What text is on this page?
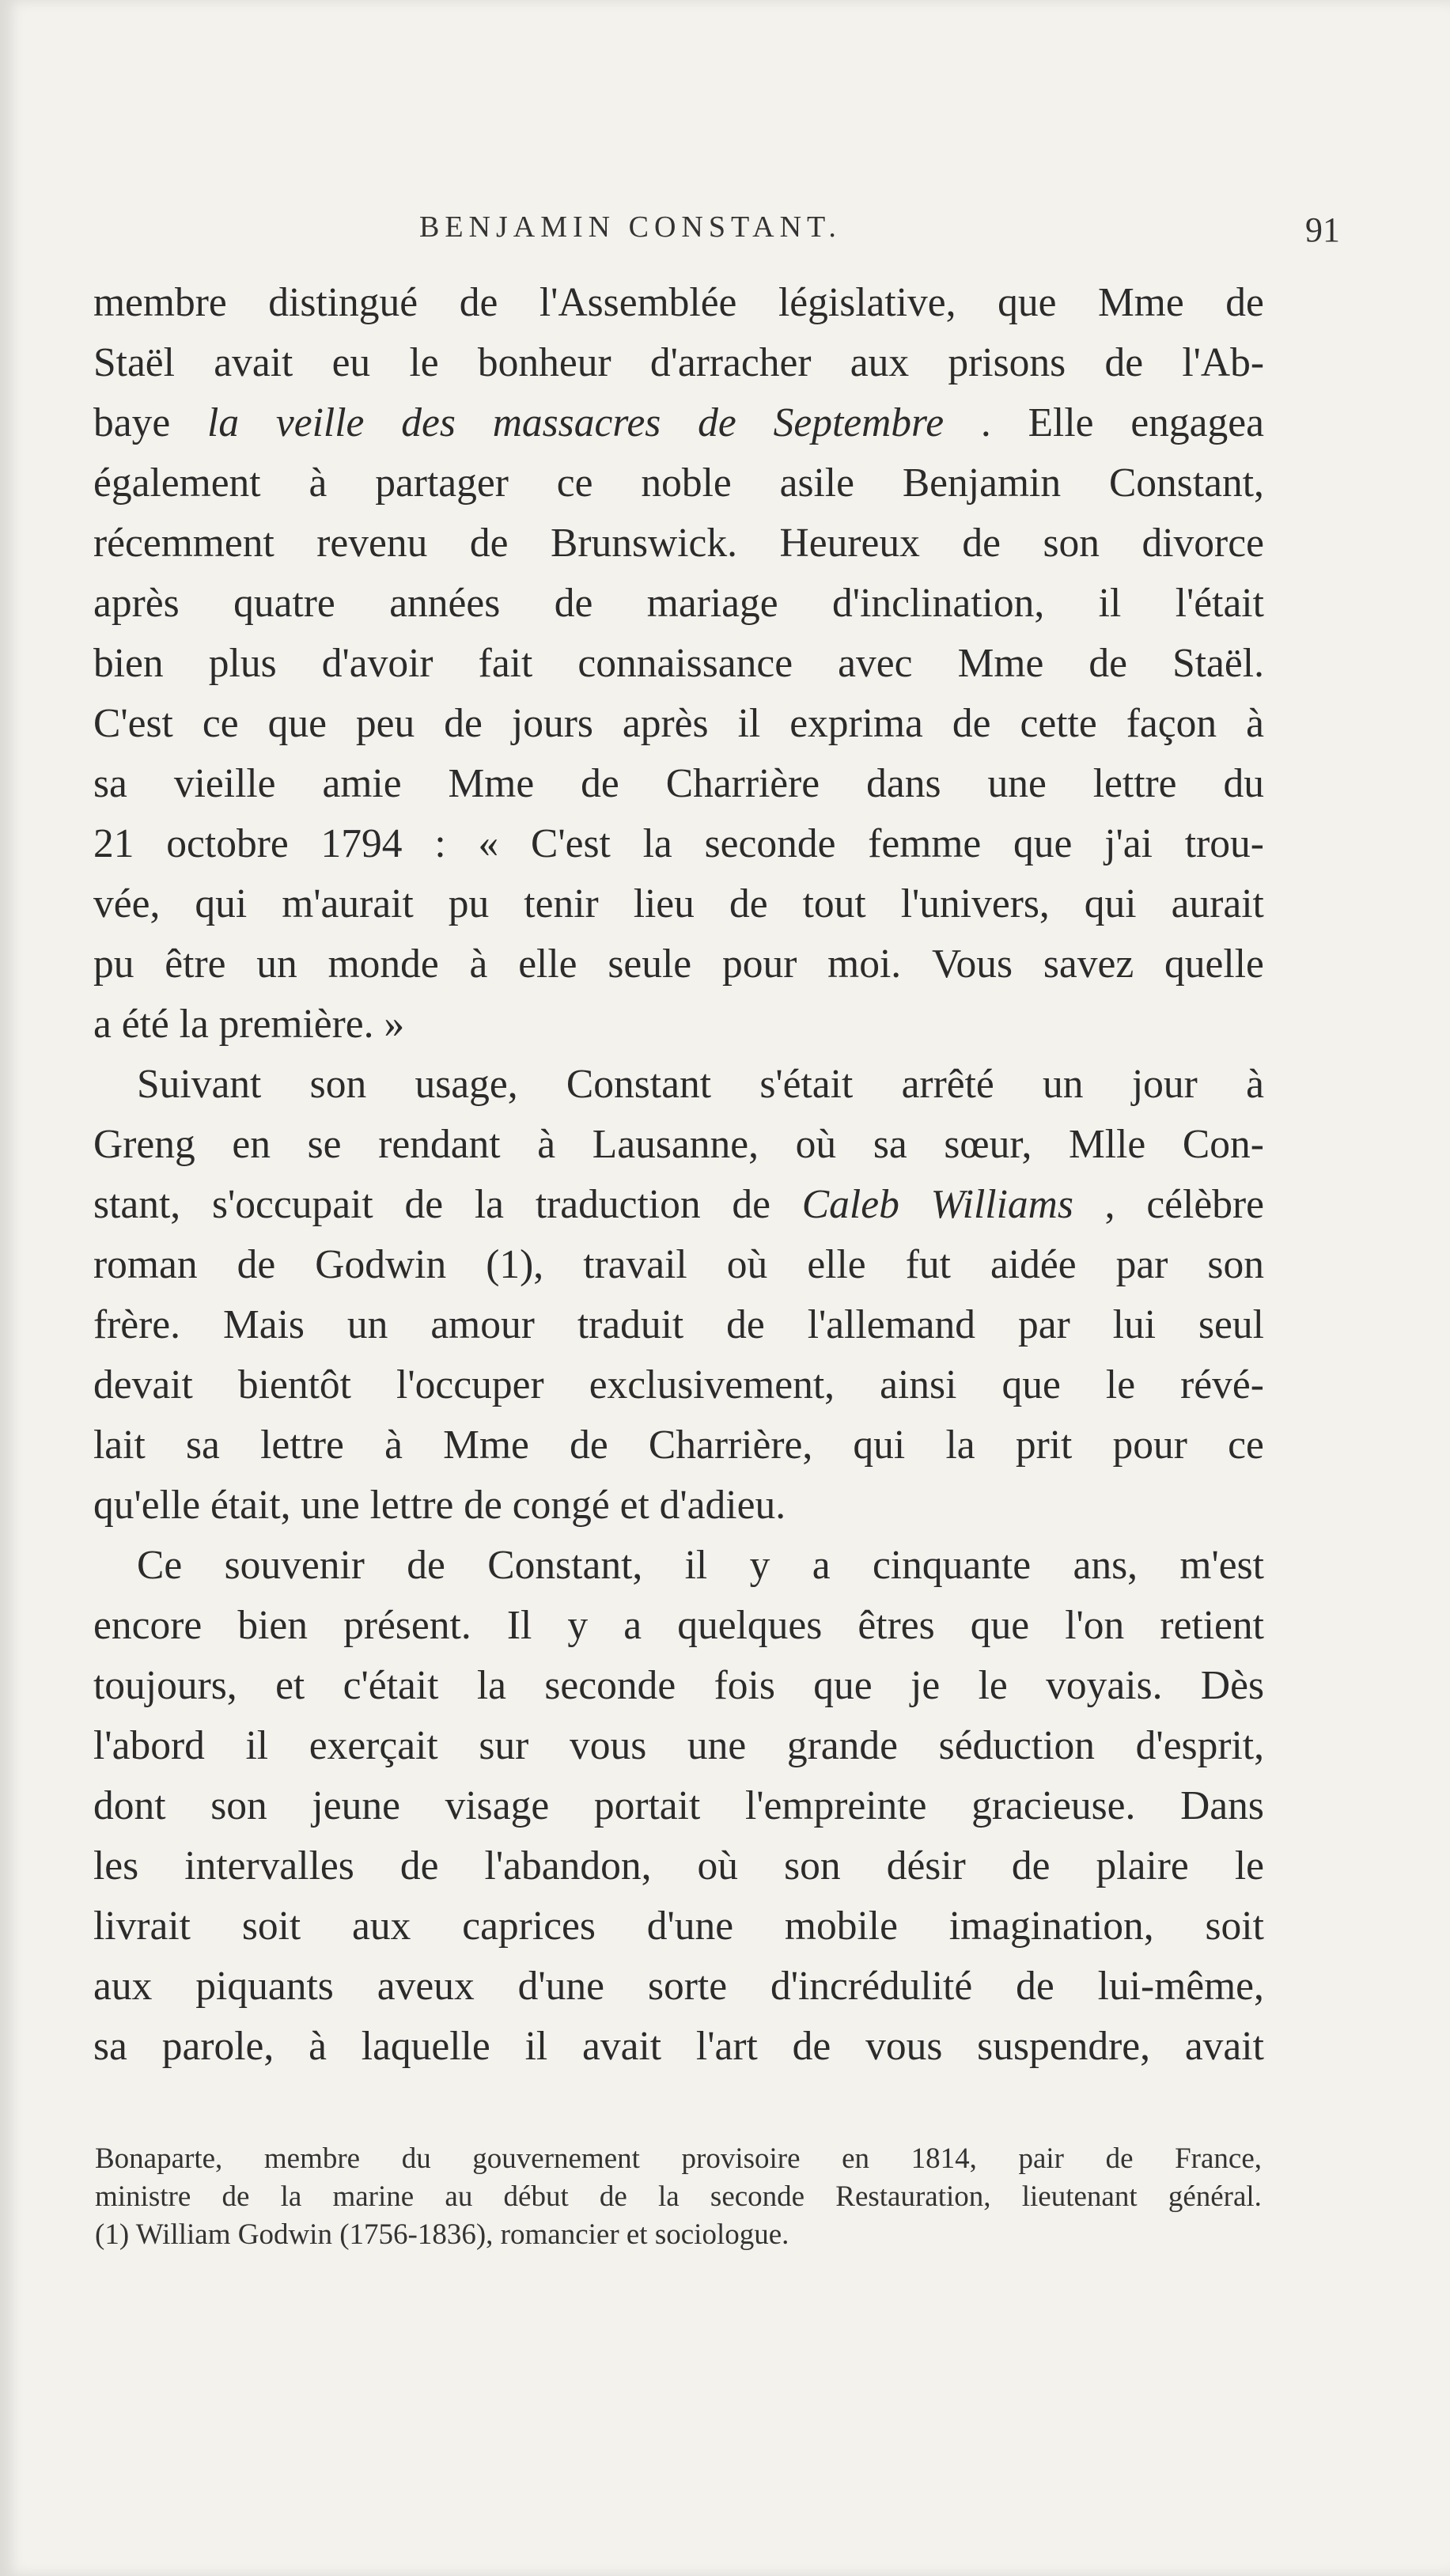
BENJAMIN CONSTANT.	91
membre distingué de l'Assemblée législative, que Mme de
Staël avait eu le bonheur d'arracher aux prisons de l'Ab-
baye la veille des massacres de Septembre . Elle engagea
également à partager ce noble asile Benjamin Constant,
récemment revenu de Brunswick. Heureux de son divorce
après quatre années de mariage d'inclination, il l'était
bien plus d'avoir fait connaissance avec Mme de Staël.
C'est ce que peu de jours après il exprima de cette façon à
sa vieille amie Mme de Charrière dans une lettre du
21 octobre 1794 : « C'est la seconde femme que j'ai trou-
vée, qui m'aurait pu tenir lieu de tout l'univers, qui aurait
pu être un monde à elle seule pour moi. Vous savez quelle
a été la première. »
Suivant son usage, Constant s'était arrêté un jour à
Greng en se rendant à Lausanne, où sa sœur, Mlle Con-
stant, s'occupait de la traduction de Caleb Williams , célèbre
roman de Godwin (1), travail où elle fut aidée par son
frère. Mais un amour traduit de l'allemand par lui seul
devait bientôt l'occuper exclusivement, ainsi que le révé-
lait sa lettre à Mme de Charrière, qui la prit pour ce
qu'elle était, une lettre de congé et d'adieu.
Ce souvenir de Constant, il y a cinquante ans, m'est
encore bien présent. Il y a quelques êtres que l'on retient
toujours, et c'était la seconde fois que je le voyais. Dès
l'abord il exerçait sur vous une grande séduction d'esprit,
dont son jeune visage portait l'empreinte gracieuse. Dans
les intervalles de l'abandon, où son désir de plaire le
livrait soit aux caprices d'une mobile imagination, soit
aux piquants aveux d'une sorte d'incrédulité de lui-même,
sa parole, à laquelle il avait l'art de vous suspendre, avait
Bonaparte, membre du gouvernement provisoire en 1814, pair de France,
ministre de la marine au début de la seconde Restauration, lieutenant général.
(1) William Godwin (1756-1836), romancier et sociologue.
